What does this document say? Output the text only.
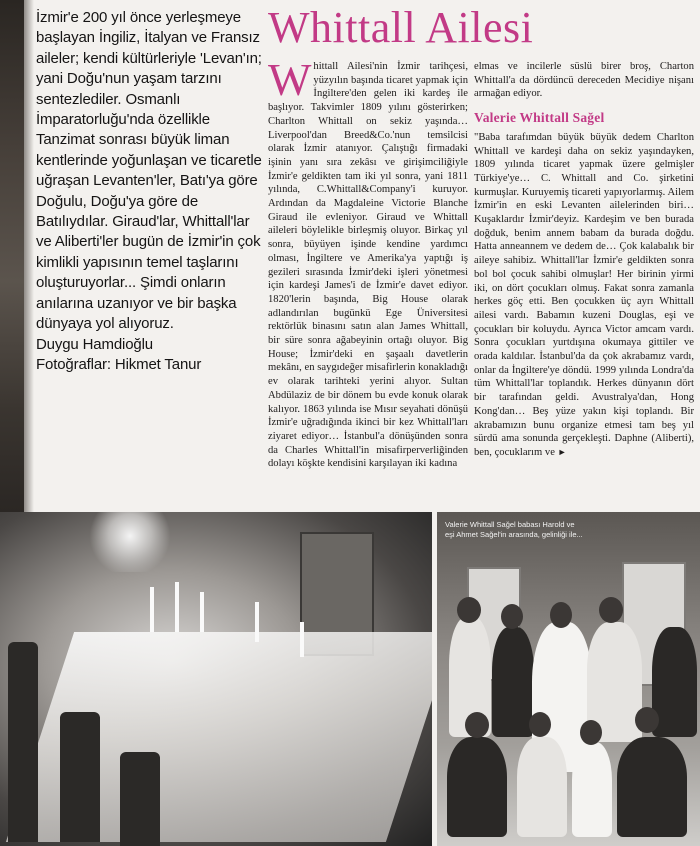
İzmir'e 200 yıl önce yerleşmeye başlayan İngiliz, İtalyan ve Fransız aileler; kendi kültürleriyle 'Levan'ın; yani Doğu'nun yaşam tarzını sentezlediler. Osmanlı İmparatorluğu'nda özellikle Tanzimat sonrası büyük liman kentlerinde yoğunlaşan ve ticaretle uğraşan Levanten'ler, Batı'ya göre Doğulu, Doğu'ya göre de Batılıydılar. Giraud'lar, Whittall'lar ve Aliberti'ler bugün de İzmir'in çok kimlikli yapısının temel taşlarını oluşturuyorlar... Şimdi onların anılarına uzanıyor ve bir başka dünyaya yol alıyoruz.

Duygu Hamdioğlu

Fotoğraflar: Hikmet Tanur

Whittall Ailesi

Whittall Ailesi'nin İzmir tarihçesi, yüzyılın başında ticaret yapmak için İngiltere'den gelen iki kardeş ile başlıyor. Takvimler 1809 yılını gösterirken; Charlton Whittall on sekiz yaşında… Liverpool'dan Breed&Co.'nun temsilcisi olarak İzmir atanıyor. Çalıştığı firmadaki işinin yanı sıra zekâsı ve girişimciliğiyle İzmir'e geldikten tam iki yıl sonra, yani 1811 yılında, C.Whittall&Company'i kuruyor. Ardından da Magdaleine Victorie Blanche Giraud ile evleniyor. Giraud ve Whittall aileleri böylelikle birleşmiş oluyor. Birkaç yıl sonra, büyüyen işinde kendine yardımcı olması, İngiltere ve Amerika'ya yaptığı iş gezileri sırasında İzmir'deki işleri yönetmesi için kardeşi James'i de İzmir'e davet ediyor. 1820'lerin başında, Big House olarak adlandırılan bugünkü Ege Üniversitesi rektörlük binasını satın alan James Whittall, bir süre sonra ağabeyinin ortağı oluyor. Big House; İzmir'deki en şaşaalı davetlerin mekânı, en saygıdeğer misafirlerin konakladığı ev olarak tarihteki yerini alıyor. Sultan Abdülaziz de bir dönem bu evde konuk olarak kalıyor. 1863 yılında ise Mısır seyahati dönüşü İzmir'e uğradığında ikinci bir kez Whittall'ları ziyaret ediyor… İstanbul'a dönüşünden sonra da Charles Whittall'in misafirperverliğinden dolayı köşkte kendisini karşılayan iki kadına

elmas ve incilerle süslü birer broş, Charton Whittall'a da dördüncü dereceden Mecidiye nişanı armağan ediyor.

Valerie Whittall Sağel

"Baba tarafımdan büyük büyük dedem Charlton Whittall ve kardeşi daha on sekiz yaşındayken, 1809 yılında ticaret yapmak üzere gelmişler Türkiye'ye… C. Whittall and Co. şirketini kurmuşlar. Kuruyemiş ticareti yapıyorlarmış. Ailem İzmir'in en eski Levanten ailelerinden biri… Kuşaklardır İzmir'deyiz. Kardeşim ve ben burada doğduk, benim annem babam da burada doğdu. Hatta anneannem ve dedem de… Çok kalabalık bir aileye sahibiz. Whittall'lar İzmir'e geldikten sonra bol bol çocuk sahibi olmuşlar! Her birinin yirmi iki, on dört çocukları olmuş. Fakat sonra zamanla herkes göç etti. Ben çocukken üç ayrı Whittall ailesi vardı. Babamın kuzeni Douglas, eşi ve çocukları bir koluydu. Ayrıca Victor amcam vardı. Sonra çocukları yurtdışına okumaya gittiler ve orada kaldılar. İstanbul'da da çok akrabamız vardı, onlar da İngiltere'ye döndü. 1999 yılında Londra'da tüm Whittall'lar toplandık. Herkes dünyanın dört bir tarafından geldi. Avustralya'dan, Hong Kong'dan… Beş yüze yakın kişi toplandı. Bir akrabamızın bunu organize etmesi tam beş yıl sürdü ama sonunda gerçekleşti. Daphne (Aliberti), ben, çocuklarım ve ►

Valerie Whittall Sağel babası Harold ve eşi Ahmet Sağel'in arasında, gelinliği ile...
